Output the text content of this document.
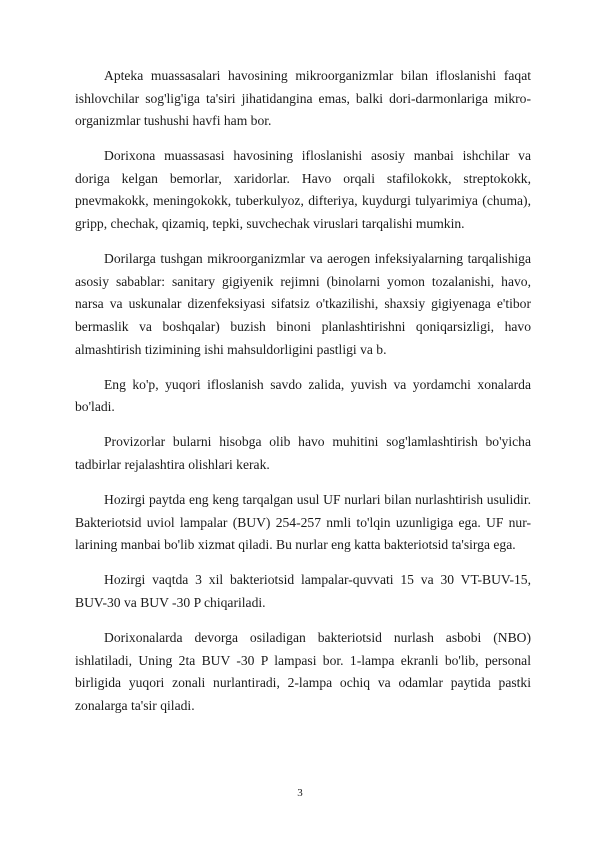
Apteka muassasalari havosining mikroorganizmlar bilan ifloslanishi faqat ishlovchilar sog'lig'iga ta'siri jihatidangina emas, balki dori-darmonlariga mikro-organizmlar tushushi havfi ham bor.

Dorixona muassasasi havosining ifloslanishi asosiy manbai ishchilar va doriga kelgan bemorlar, xaridorlar. Havo orqali stafilokokk, streptokokk, pnevmakokk, meningokokk, tuberkulyoz, difteriya, kuydurgi tulyarimiya (chuma), gripp, chechak, qizamiq, tepki, suvchechak viruslari tarqalishi mumkin.

Dorilarga tushgan mikroorganizmlar va aerogen infeksiyalarning tarqalishiga asosiy sabablar: sanitary gigiyenik rejimni (binolarni yomon tozalanishi, havo, narsa va uskunalar dizenfeksiyasi sifatsiz o'tkazilishi, shaxsiy gigiyenaga e'tibor bermaslik va boshqalar) buzish binoni planlashtirishni qoniqarsizligi, havo almashtirish tizimining ishi mahsuldorligini pastligi va b.

Eng ko'p, yuqori ifloslanish savdo zalida, yuvish va yordamchi xonalarda bo'ladi.

Provizorlar bularni hisobga olib havo muhitini sog'lamlashtirish bo'yicha tadbirlar rejalashtira olishlari kerak.

Hozirgi paytda eng keng tarqalgan usul UF nurlari bilan nurlashtirish usulidir. Bakteriotsid uviol lampalar (BUV) 254-257 nmli to'lqin uzunligiga ega. UF nur-larining manbai bo'lib xizmat qiladi. Bu nurlar eng katta bakteriotsid ta'sirga ega.

Hozirgi vaqtda 3 xil bakteriotsid lampalar-quvvati 15 va 30 VT-BUV-15, BUV-30 va BUV -30 P chiqariladi.

Dorixonalarda devorga osiladigan bakteriotsid nurlash asbobi (NBO) ishlatiladi, Uning 2ta BUV -30 P lampasi bor. 1-lampa ekranli bo'lib, personal birligida yuqori zonali nurlantiradi, 2-lampa ochiq va odamlar paytida pastki zonalarga ta'sir qiladi.

3
